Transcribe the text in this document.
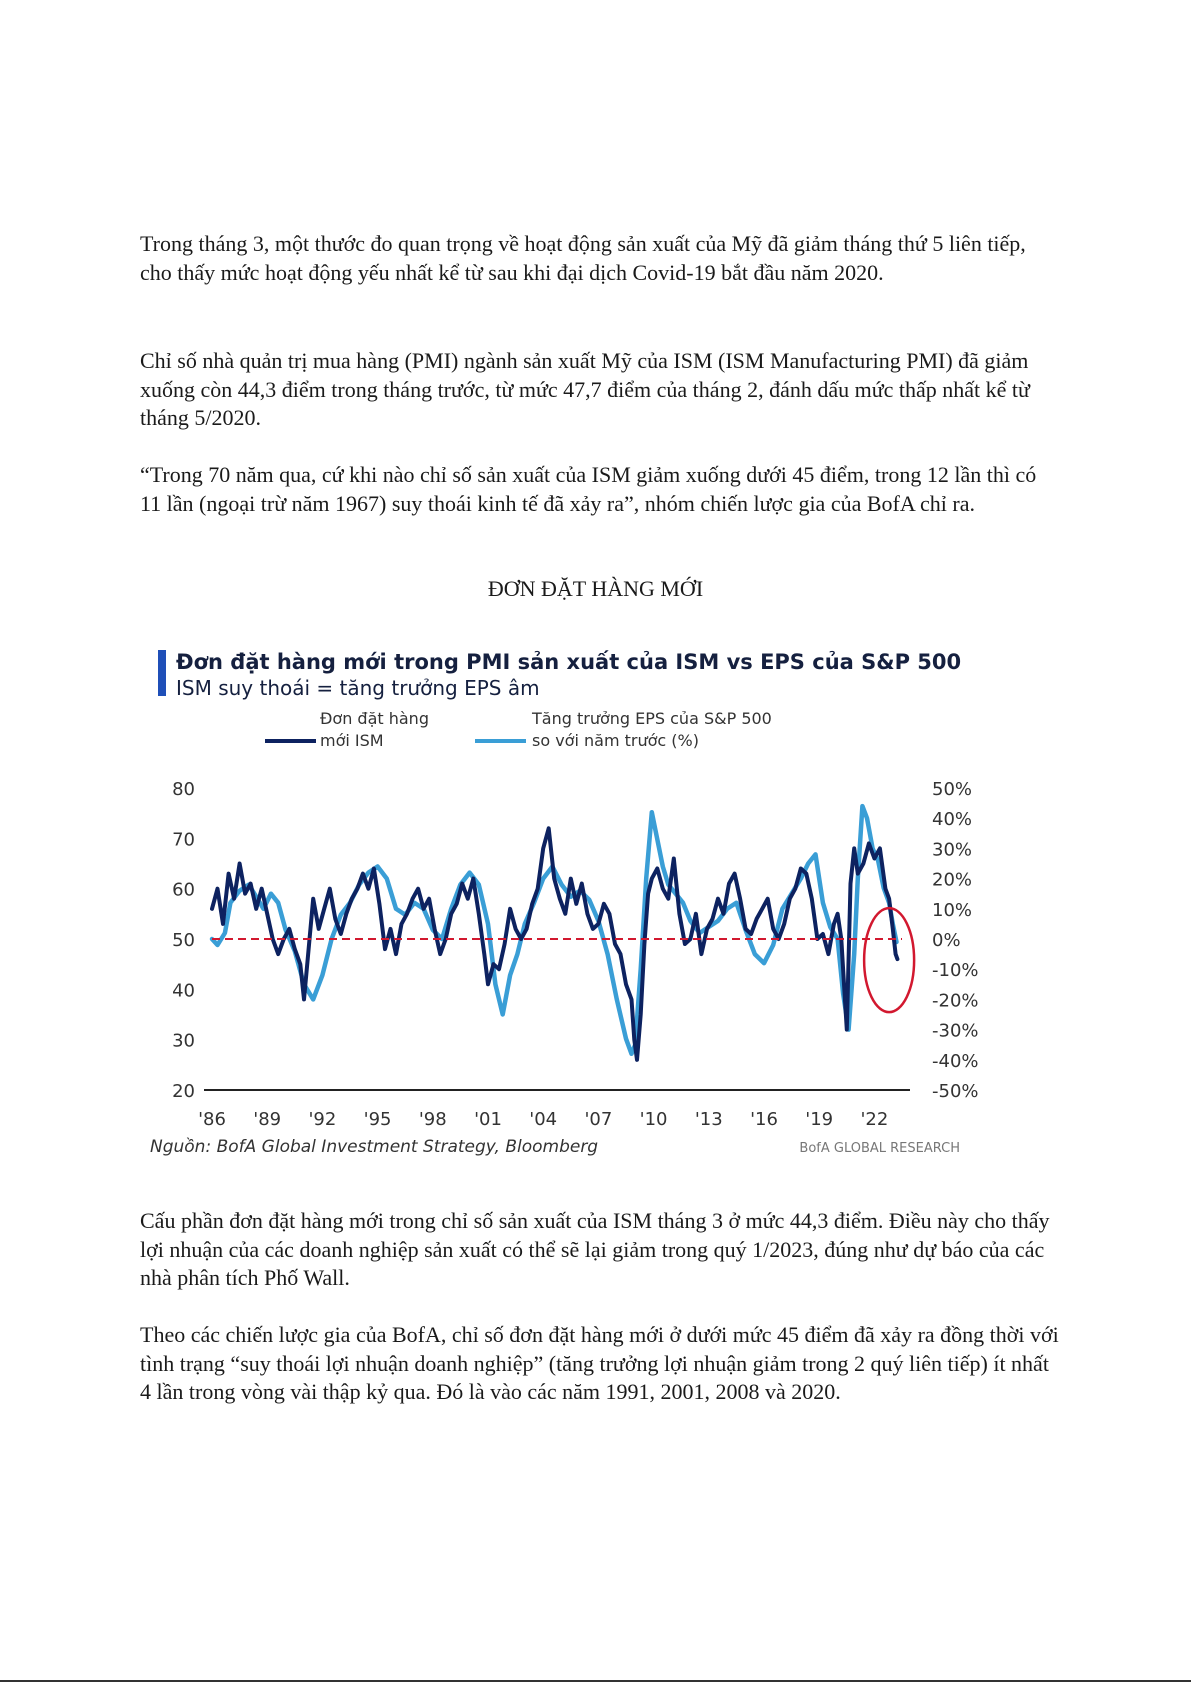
Trong tháng 3, một thước đo quan trọng về hoạt động sản xuất của Mỹ đã giảm tháng thứ 5 liên tiếp, cho thấy mức hoạt động yếu nhất kể từ sau khi đại dịch Covid-19 bắt đầu năm 2020.

Chỉ số nhà quản trị mua hàng (PMI) ngành sản xuất Mỹ của ISM (ISM Manufacturing PMI) đã giảm xuống còn 44,3 điểm trong tháng trước, từ mức 47,7 điểm của tháng 2, đánh dấu mức thấp nhất kể từ tháng 5/2020.

“Trong 70 năm qua, cứ khi nào chỉ số sản xuất của ISM giảm xuống dưới 45 điểm, trong 12 lần thì có 11 lần (ngoại trừ năm 1967) suy thoái kinh tế đã xảy ra”, nhóm chiến lược gia của BofA chỉ ra.

ĐƠN ĐẶT HÀNG MỚI
Đơn đặt hàng mới trong PMI sản xuất của ISM vs EPS của S&P 500
ISM suy thoái = tăng trưởng EPS âm
Đơn đặt hàng mới ISM
Tăng trưởng EPS của S&P 500 so với năm trước (%)
80
70
60
50
40
30
20
50%
40%
30%
20%
10%
0%
-10%
-20%
-30%
-40%
-50%
'86 '89 '92 '95 '98 '01 '04 '07 '10 '13 '16 '19 '22
Nguồn: BofA Global Investment Strategy, Bloomberg	BofA GLOBAL RESEARCH

Cấu phần đơn đặt hàng mới trong chỉ số sản xuất của ISM tháng 3 ở mức 44,3 điểm. Điều này cho thấy lợi nhuận của các doanh nghiệp sản xuất có thể sẽ lại giảm trong quý 1/2023, đúng như dự báo của các nhà phân tích Phố Wall.

Theo các chiến lược gia của BofA, chỉ số đơn đặt hàng mới ở dưới mức 45 điểm đã xảy ra đồng thời với tình trạng “suy thoái lợi nhuận doanh nghiệp” (tăng trưởng lợi nhuận giảm trong 2 quý liên tiếp) ít nhất 4 lần trong vòng vài thập kỷ qua. Đó là vào các năm 1991, 2001, 2008 và 2020.
